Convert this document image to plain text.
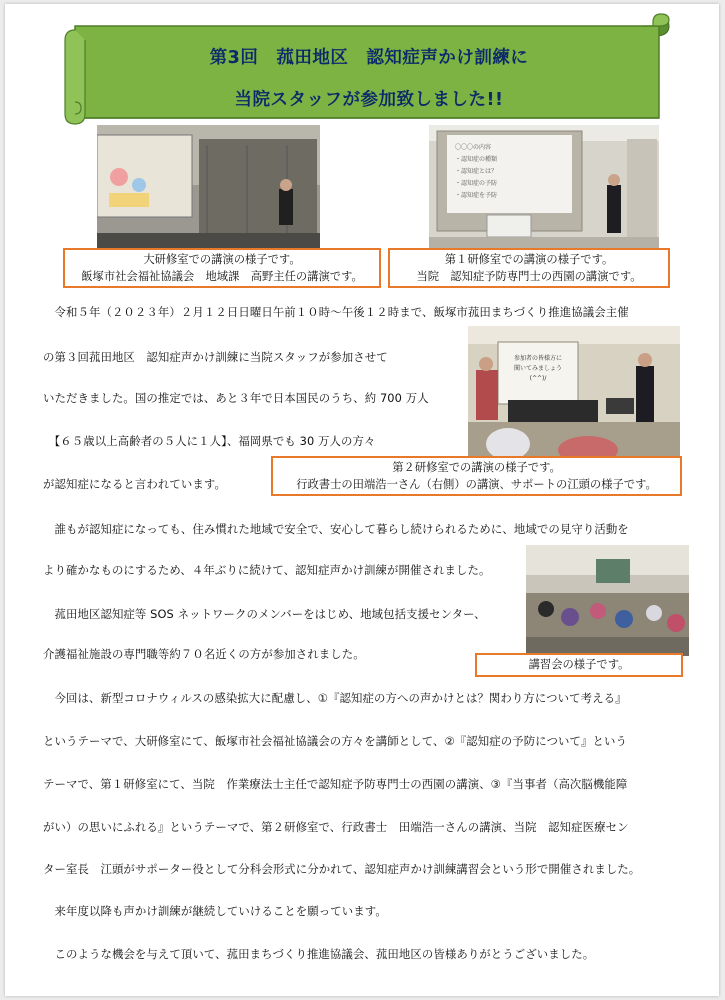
第3回　菰田地区　認知症声かけ訓練に
当院スタッフが参加致しました!!
〇〇〇の内容
・認知症の種類
・認知症とは？
・認知症の予防
・認知症を予防
大研修室での講演の様子です。
飯塚市社会福祉協議会　地域課　高野主任の講演です。
第１研修室での講演の様子です。
当院　認知症予防専門士の西園の講演です。
参加者の皆様方に
聞いてみましょう
(^^)/
第２研修室での講演の様子です。
行政書士の田端浩一さん（右側）の講演、サポートの江頭の様子です。
講習会の様子です。
　令和５年（２０２３年）２月１２日日曜日午前１０時〜午後１２時まで、飯塚市菰田まちづくり推進協議会主催
の第３回菰田地区　認知症声かけ訓練に当院スタッフが参加させて
いただきました。国の推定では、あと３年で日本国民のうち、約 700 万人
　【６５歳以上高齢者の５人に１人】、福岡県でも 30 万人の方々
が認知症になると言われています。
　誰もが認知症になっても、住み慣れた地域で安全で、安心して暮らし続けられるために、地域での見守り活動を
より確かなものにするため、４年ぶりに続けて、認知症声かけ訓練が開催されました。
　菰田地区認知症等 SOS ネットワークのメンバーをはじめ、地域包括支援センター、
介護福祉施設の専門職等約７０名近くの方が参加されました。
　今回は、新型コロナウィルスの感染拡大に配慮し、①『認知症の方への声かけとは？関わり方について考える』
というテーマで、大研修室にて、飯塚市社会福祉協議会の方々を講師として、②『認知症の予防について』という
テーマで、第１研修室にて、当院　作業療法士主任で認知症予防専門士の西園の講演、③『当事者（高次脳機能障
がい）の思いにふれる』というテーマで、第２研修室で、行政書士　田端浩一さんの講演、当院　認知症医療セン
ター室長　江頭がサポーター役として分科会形式に分かれて、認知症声かけ訓練講習会という形で開催されました。
　来年度以降も声かけ訓練が継続していけることを願っています。
　このような機会を与えて頂いて、菰田まちづくり推進協議会、菰田地区の皆様ありがとうございました。
